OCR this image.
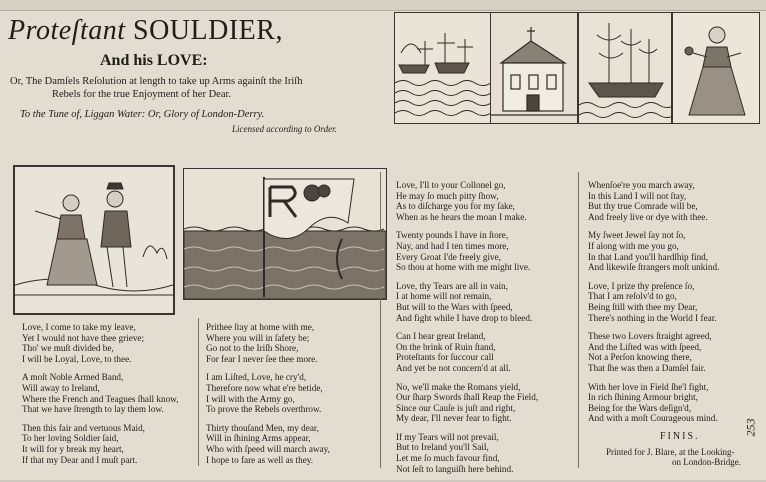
Proteſtant SOULDIER,
And his LOVE:
Or, The Damſels Reſolution at length to take up Arms againſt the Iriſh
Rebels for the true Enjoyment of her Dear.
To the Tune of, Liggan Water: Or, Glory of London-Derry.
Licensed according to Order.
Love, I come to take my leave,
Yet I would not have thee grieve;
Tho' we muſt divided be,
I will be Loyal, Love, to thee.
A moſt Noble Armed Band,
Will away to Ireland,
Where the French and Teagues ſhall know,
That we have ſtrength to lay them low.
Then this fair and vertuous Maid,
To her loving Soldier ſaid,
It will for y break my heart,
If that my Dear and I muſt part.
Prithee ſtay at home with me,
Where you will in ſafety be;
Go not to the Iriſh Shore,
For fear I never ſee thee more.
I am Liſted, Love, he cry'd,
Therefore now what e're betide,
I will with the Army go,
To prove the Rebels overthrow.
Thirty thouſand Men, my dear,
Will in ſhining Arms appear,
Who with ſpeed will march away,
I hope to fare as well as they.
Love, I'll to your Collonel go,
He may ſo much pitty ſhow,
As to diſcharge you for my ſake,
When as he hears the moan I make.
Twenty pounds I have in ſtore,
Nay, and had I ten times more,
Every Groat I'de freely give,
So thou at home with me might live.
Love, thy Tears are all in vain,
I at home will not remain,
But will to the Wars with ſpeed,
And fight while I have drop to bleed.
Can I hear great Ireland,
On the brink of Ruin ſtand,
Proteſtants for ſuccour call
And yet be not concern'd at all.
No, we'll make the Romans yield,
Our ſharp Swords ſhall Reap the Field,
Since our Cauſe is juſt and right,
My dear, I'll never fear to fight.
If my Tears will not prevail,
But to Ireland you'll Sail,
Let me ſo much favour find,
Not ſeſt to languiſh here behind.
Whenſoe're you march away,
In this Land I will not ſtay,
But thy true Comrade will be,
And freely live or dye with thee.
My ſweet Jewel ſay not ſo,
If along with me you go,
In that Land you'll hardſhip find,
And likewiſe ſtrangers moſt unkind.
Love, I prize thy preſence ſo,
That I am reſolv'd to go,
Being ſtill with thee my Dear,
There's nothing in the World I fear.
These two Lovers ſtraight agreed,
And the Liſted was with ſpeed,
Not a Perſon knowing there,
That ſhe was then a Damſel fair.
With her love in Field ſhe'l fight,
In rich ſhining Armour bright,
Being for the Wars deſign'd,
And with a moſt Courageous mind.
FINIS.
Printed for J. Blare, at the Looking-
on London-Bridge.
253
